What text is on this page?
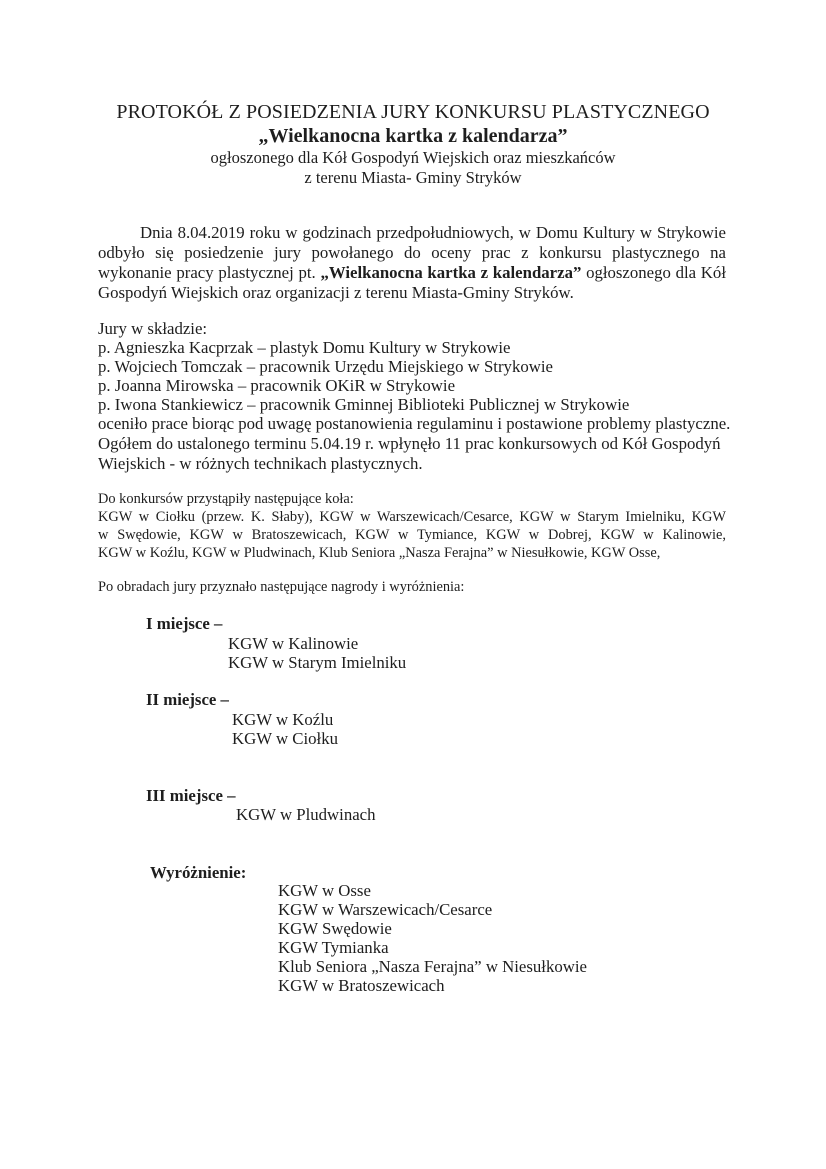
PROTOKÓŁ Z POSIEDZENIA JURY KONKURSU PLASTYCZNEGO
„Wielkanocna kartka z kalendarza”
ogłoszonego dla Kół Gospodyń Wiejskich oraz mieszkańców
z terenu Miasta- Gminy Stryków
Dnia 8.04.2019 roku w godzinach przedpołudniowych, w Domu Kultury w Strykowie
odbyło się posiedzenie jury powołanego do oceny prac z konkursu plastycznego na
wykonanie pracy plastycznej pt. „Wielkanocna kartka z kalendarza” ogłoszonego dla Kół
Gospodyń Wiejskich oraz organizacji z terenu Miasta-Gminy Stryków.
Jury w składzie:
p. Agnieszka Kacprzak – plastyk Domu Kultury w Strykowie
p. Wojciech Tomczak – pracownik Urzędu Miejskiego w Strykowie
p. Joanna Mirowska – pracownik OKiR w Strykowie
p. Iwona Stankiewicz – pracownik Gminnej Biblioteki Publicznej w Strykowie
oceniło prace biorąc pod uwagę postanowienia regulaminu i postawione problemy plastyczne.
Ogółem do ustalonego terminu 5.04.19 r. wpłynęło 11 prac konkursowych od Kół Gospodyń
Wiejskich - w różnych technikach plastycznych.
Do konkursów przystąpiły następujące koła:
KGW w Ciołku (przew. K. Słaby), KGW w Warszewicach/Cesarce, KGW w Starym Imielniku, KGW
w Swędowie, KGW w Bratoszewicach, KGW w Tymiance, KGW w Dobrej, KGW w Kalinowie,
KGW w Koźlu, KGW w Pludwinach, Klub Seniora „Nasza Ferajna” w Niesułkowie, KGW Osse,
Po obradach jury przyznało następujące nagrody i wyróżnienia:
I miejsce –
KGW w Kalinowie
KGW w Starym Imielniku
II miejsce –
KGW w Koźlu
KGW w Ciołku
III miejsce –
KGW w Pludwinach
Wyróżnienie:
KGW w Osse
KGW w Warszewicach/Cesarce
KGW Swędowie
KGW Tymianka
Klub Seniora „Nasza Ferajna” w Niesułkowie
KGW w Bratoszewicach
